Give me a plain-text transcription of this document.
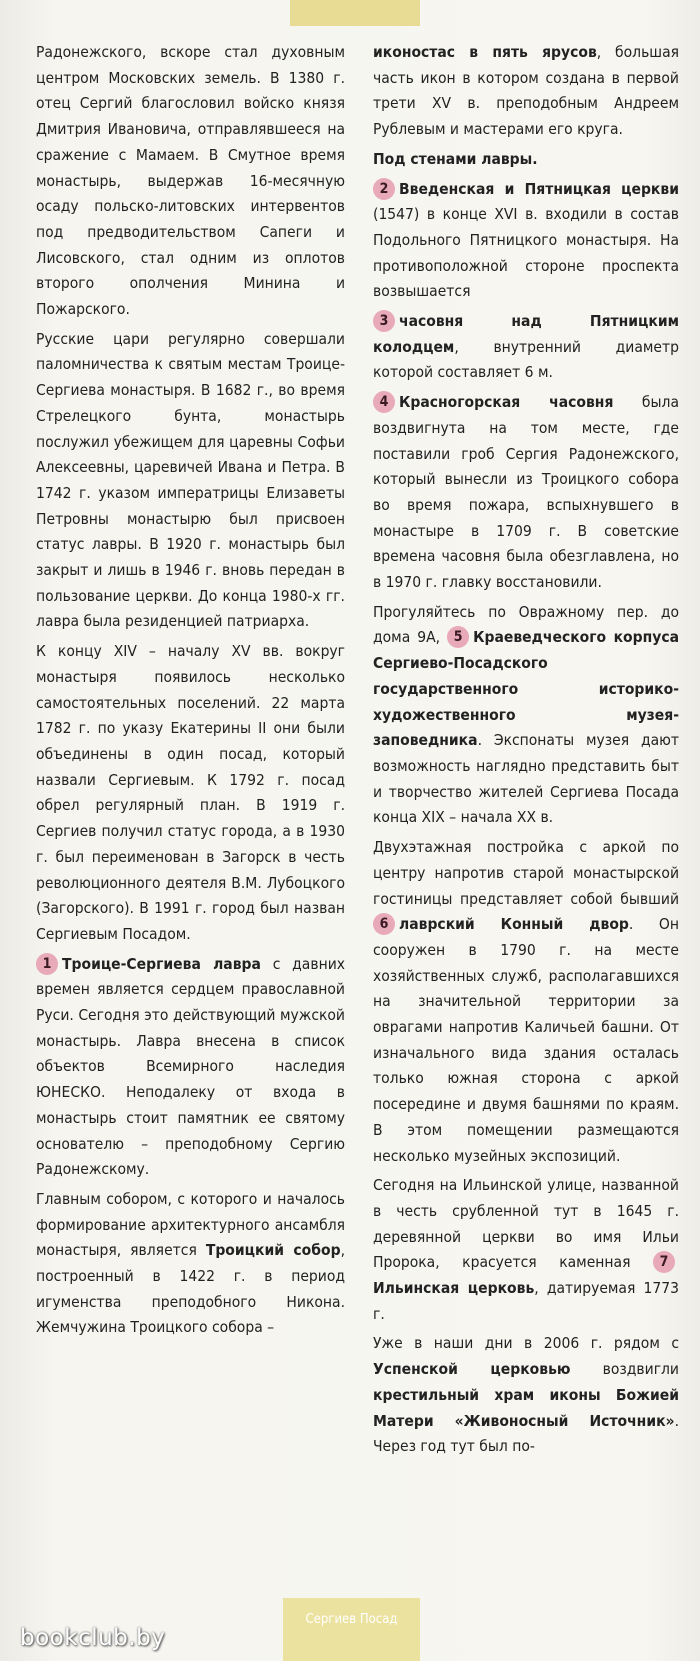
Радонежского, вскоре стал духовным центром Московских земель. В 1380 г. отец Сергий благословил войско князя Дмитрия Ивановича, отправлявшееся на сражение с Мамаем. В Смутное время монастырь, выдержав 16-месячную осаду польско-литовских интервентов под предводительством Сапеги и Лисовского, стал одним из оплотов второго ополчения Минина и Пожарского.

Русские цари регулярно совершали паломничества к святым местам Троице-Сергиева монастыря. В 1682 г., во время Стрелецкого бунта, монастырь послужил убежищем для царевны Софьи Алексеевны, царевичей Ивана и Петра. В 1742 г. указом императрицы Елизаветы Петровны монастырю был присвоен статус лавры. В 1920 г. монастырь был закрыт и лишь в 1946 г. вновь передан в пользование церкви. До конца 1980-х гг. лавра была резиденцией патриарха.

К концу XIV – началу XV вв. вокруг монастыря появилось несколько самостоятельных поселений. 22 марта 1782 г. по указу Екатерины II они были объединены в один посад, который назвали Сергиевым. К 1792 г. посад обрел регулярный план. В 1919 г. Сергиев получил статус города, а в 1930 г. был переименован в Загорск в честь революционного деятеля В.М. Лубоцкого (Загорского). В 1991 г. город был назван Сергиевым Посадом.

1 Троице-Сергиева лавра с давних времен является сердцем православной Руси. Сегодня это действующий мужской монастырь. Лавра внесена в список объектов Всемирного наследия ЮНЕСКО. Неподалеку от входа в монастырь стоит памятник ее святому основателю – преподобному Сергию Радонежскому.

Главным собором, с которого и началось формирование архитектурного ансамбля монастыря, является Троицкий собор, построенный в 1422 г. в период игуменства преподобного Никона. Жемчужина Троицкого собора –

иконостас в пять ярусов, большая часть икон в котором создана в первой трети XV в. преподобным Андреем Рублевым и мастерами его круга.

Под стенами лавры.

2 Введенская и Пятницкая церкви (1547) в конце XVI в. входили в состав Подольного Пятницкого монастыря. На противоположной стороне проспекта возвышается

3 часовня над Пятницким колодцем, внутренний диаметр которой составляет 6 м.

4 Красногорская часовня была воздвигнута на том месте, где поставили гроб Сергия Радонежского, который вынесли из Троицкого собора во время пожара, вспыхнувшего в монастыре в 1709 г. В советские времена часовня была обезглавлена, но в 1970 г. главку восстановили.

Прогуляйтесь по Овражному пер. до дома 9А, 5 Краеведческого корпуса Сергиево-Посадского государственного историко-художественного музея-заповедника. Экспонаты музея дают возможность наглядно представить быт и творчество жителей Сергиева Посада конца XIX – начала XX в.

Двухэтажная постройка с аркой по центру напротив старой монастырской гостиницы представляет собой бывший 6 лаврский Конный двор. Он сооружен в 1790 г. на месте хозяйственных служб, располагавшихся на значительной территории за оврагами напротив Каличьей башни. От изначального вида здания осталась только южная сторона с аркой посередине и двумя башнями по краям. В этом помещении размещаются несколько музейных экспозиций.

Сегодня на Ильинской улице, названной в честь срубленной тут в 1645 г. деревянной церкви во имя Ильи Пророка, красуется каменная 7Ильинская церковь, датируемая 1773 г.

Уже в наши дни в 2006 г. рядом с Успенской церковью воздвигли крестильный храм иконы Божией Матери «Живоносный Источник». Через год тут был по-

Сергиев Посад
bookclub.by
